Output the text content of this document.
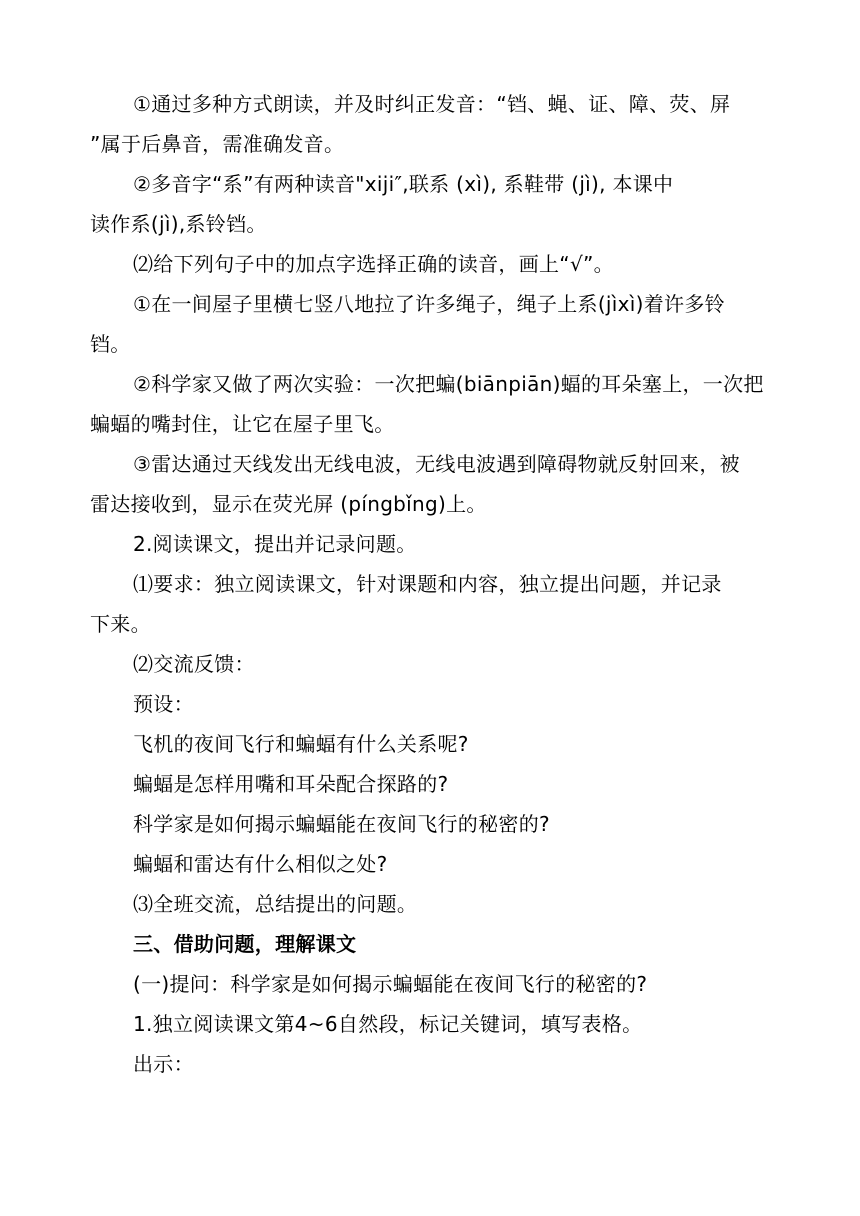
①通过多种方式朗读，并及时纠正发音：“铛、蝇、证、障、荧、屏
”属于后鼻音，需准确发音。
②多音字“系”有两种读音"xiji″,联系 (xì), 系鞋带 (jì), 本课中
读作系(jì),系铃铛。
⑵给下列句子中的加点字选择正确的读音，画上“√”。
①在一间屋子里横七竖八地拉了许多绳子，绳子上系(jìxì)着许多铃
铛。
②科学家又做了两次实验：一次把蝙(biānpiān)蝠的耳朵塞上，一次把
蝙蝠的嘴封住，让它在屋子里飞。
③雷达通过天线发出无线电波，无线电波遇到障碍物就反射回来，被
雷达接收到，显示在荧光屏 (píngbǐng)上。
2.阅读课文，提出并记录问题。
⑴要求：独立阅读课文，针对课题和内容，独立提出问题，并记录
下来。
⑵交流反馈：
预设：
飞机的夜间飞行和蝙蝠有什么关系呢?
蝙蝠是怎样用嘴和耳朵配合探路的?
科学家是如何揭示蝙蝠能在夜间飞行的秘密的?
蝙蝠和雷达有什么相似之处?
⑶全班交流，总结提出的问题。
三、借助问题，理解课文
(一)提问：科学家是如何揭示蝙蝠能在夜间飞行的秘密的?
1.独立阅读课文第4~6自然段，标记关键词，填写表格。
出示：
